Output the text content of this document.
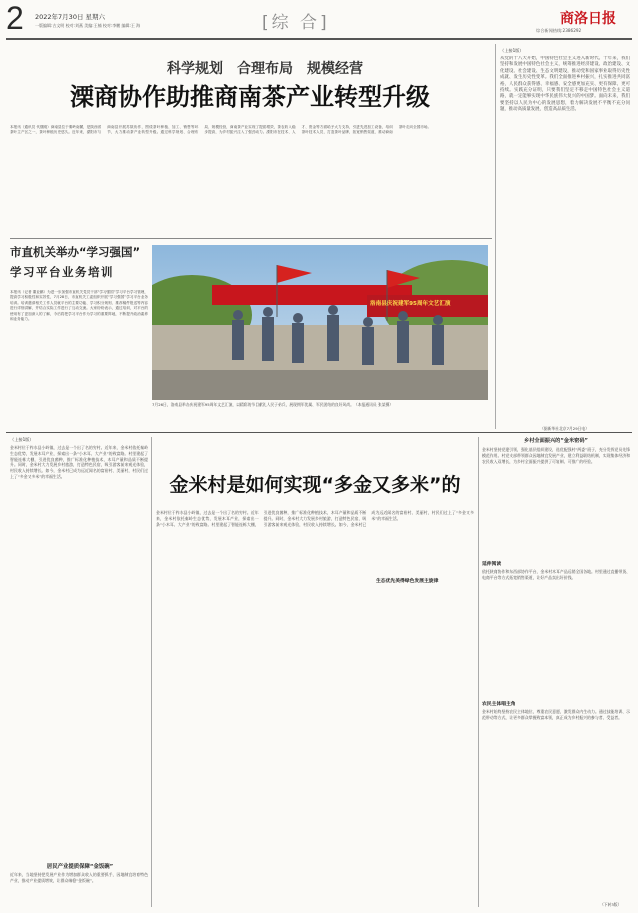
2 2022年7月30日 星期六
一版编辑:古文明 校对:刘燕 美编:王楠 校对:李鹏 编辑:王 海	[综 合]	商洛日报
综合新闻热线:2386292
科学规划　合理布局　规模经营
溧商协作助推商南茶产业转型升级
本报讯（通讯员 代继刚）商南县位于秦岭南麓，是陕西省茶叶主产区之一，茶叶种植历史悠久。近年来，溧阳市与商南县开展苏陕协作，围绕茶叶种植、加工、销售等环节，大力推动茶产业转型升级。通过科学规划、合理布局、规模经营，商南茶产业实现了提质增效，茶农收入稳步提高，为乡村振兴注入了强劲动力。溧阳市在技术、人才、资金等方面给予大力支持，引进先进加工设备，培训茶叶技术人员，打造茶叶品牌，拓宽销售渠道，推动商南茶叶走向全国市场。
市直机关举办“学习强国”
学习平台业务培训
本报讯（记者 董业鹏）为进一步加强市直机关党员干部“学习强国”学习平台学习管理，提高学习积极性和实效性，7月28日，市直机关工委组织开展“学习强国”学习平台业务培训。培训邀请相关工作人员就平台的主要功能、学习积分规则、推荐稿件报送等内容进行详细讲解，并结合实际工作进行了互动交流。大家纷纷表示，通过培训，对平台的使用有了更加深入的了解，今后将把学习平台作为学习的重要阵地，不断提升政治素养和业务能力。
洛南县庆祝建军95周年文艺汇演
7月26日，洛南县举办庆祝建军95周年文艺汇演，以精彩的节目献礼人民子弟兵，展现拥军优属、军民团结的良好风尚。（本报通讯员 张某摄）
（上接1版）
从党的十八大开始，中国特色社会主义进入新时代。十年来，我们坚持和发展中国特色社会主义，统筹推进经济建设、政治建设、文化建设、社会建设、生态文明建设，推动党和国家事业取得历史性成就、发生历史性变革。我们全面推进乡村振兴，扎实推进共同富裕，人民群众获得感、幸福感、安全感更加充实、更有保障、更可持续。实践充分证明，只要我们坚定不移走中国特色社会主义道路，就一定能够实现中华民族伟大复兴的中国梦。面向未来，我们要坚持以人民为中心的发展思想，着力解决发展不平衡不充分问题，推动高质量发展，创造高品质生活。
（据新华社北京7月29日电）
（上接1版）
金米村位于柞水县小岭镇，过去是一个出了名的穷村。近年来，金米村依托秦岭生态优势，发展木耳产业，探索出一条“小木耳、大产业”的致富路。村里建起了智能连栋大棚，引进优良菌种，推广标准化种植技术，木耳产量和品质不断提升。同时，金米村大力发展乡村旅游，打造特色民宿，吸引游客前来观光体验，村民收入持续增长。如今，金米村已成为远近闻名的富裕村、美丽村，村民们过上了“多金又多米”的幸福生活。	金米村是如何实现“多金又多米”的
金米村位于柞水县小岭镇，过去是一个出了名的穷村。近年来，金米村依托秦岭生态优势，发展木耳产业，探索出一条“小木耳、大产业”的致富路。村里建起了智能连栋大棚，引进优良菌种，推广标准化种植技术，木耳产量和品质不断提升。同时，金米村大力发展乡村旅游，打造特色民宿，吸引游客前来观光体验，村民收入持续增长。如今，金米村已成为远近闻名的富裕村、美丽村，村民们过上了“多金又多米”的幸福生活。
生态优先美得绿色发展主旋律
乡村全面振兴的“金米密码”
金米村坚持党建引领，强化基层组织建设，选优配强村“两委”班子，充分发挥党员先锋模范作用。村党支部带领群众因地制宜发展产业，建立利益联结机制，实现集体经济和农民收入双增长，为乡村全面振兴提供了可复制、可推广的经验。
延伸阅读
依托陕商协作和东西部协作平台，金米村木耳产品远销全国各地。村里通过直播带货、电商平台等方式拓宽销售渠道，让好产品卖出好价钱。
农民主体唱主角
金米村始终坚持农民主体地位，尊重农民意愿，激发群众内生动力。通过技能培训、示范带动等方式，让更多群众掌握致富本领，真正成为乡村振兴的参与者、受益者。
（下转3版）
居民产业提质保障“金饭碗”
近年来，当地坚持把发展产业作为增加群众收入的重要抓手，因地制宜培育特色产业，推动产业提质增效，让群众端稳“金饭碗”。
